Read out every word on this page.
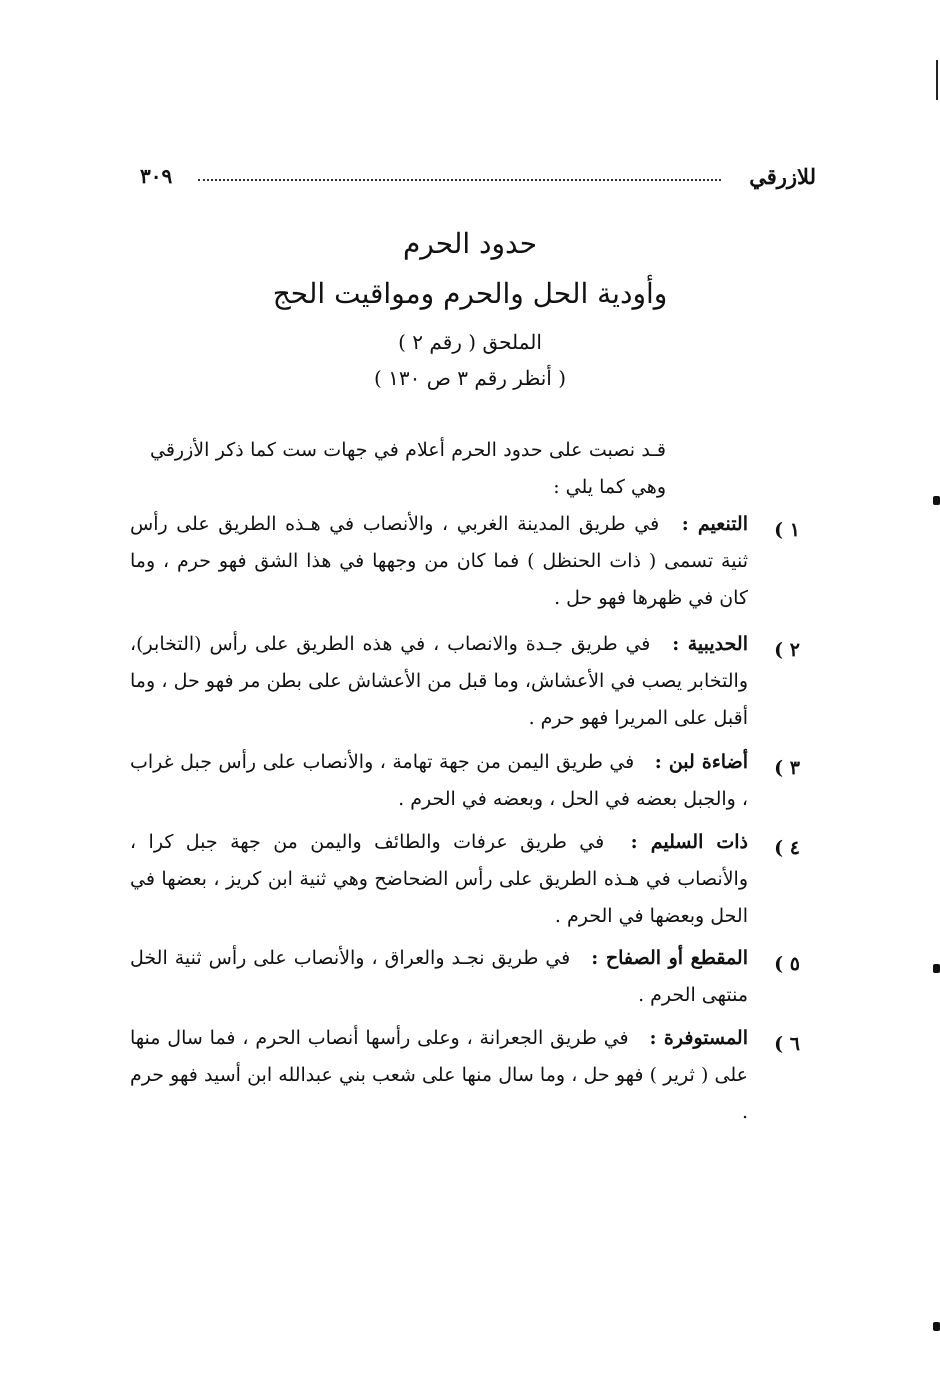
للازرقي
٣٠٩
حدود الحرم
وأودية الحل والحرم ومواقيت الحج
الملحق ( رقم ٢ )
( أنظر رقم ٣ ص ١٣٠ )
قـد نصبت على حدود الحرم أعلام في جهات ست كما ذكر الأزرقي وهي كما يلي :
١ )
التنعيم : في طريق المدينة الغربي ، والأنصاب في هـذه الطريق على رأس ثنية تسمى ( ذات الحنظل ) فما كان من وجهها في هذا الشق فهو حرم ، وما كان في ظهرها فهو حل .
٢ )
الحديبية : في طريق جـدة والانصاب ، في هذه الطريق على رأس (التخابر)، والتخابر يصب في الأعشاش، وما قبل من الأعشاش على بطن مر فهو حل ، وما أقبل على المريرا فهو حرم .
٣ )
أضاءة لبن : في طريق اليمن من جهة تهامة ، والأنصاب على رأس جبل غراب ، والجبل بعضه في الحل ، وبعضه في الحرم .
٤ )
ذات السليم : في طريق عرفات والطائف واليمن من جهة جبل كرا ، والأنصاب في هـذه الطريق على رأس الضحاضح وهي ثنية ابن كريز ، بعضها في الحل وبعضها في الحرم .
٥ )
المقطع أو الصفاح : في طريق نجـد والعراق ، والأنصاب على رأس ثنية الخل منتهى الحرم .
٦ )
المستوفرة : في طريق الجعرانة ، وعلى رأسها أنصاب الحرم ، فما سال منها على ( ثرير ) فهو حل ، وما سال منها على شعب بني عبدالله ابن أسيد فهو حرم .
